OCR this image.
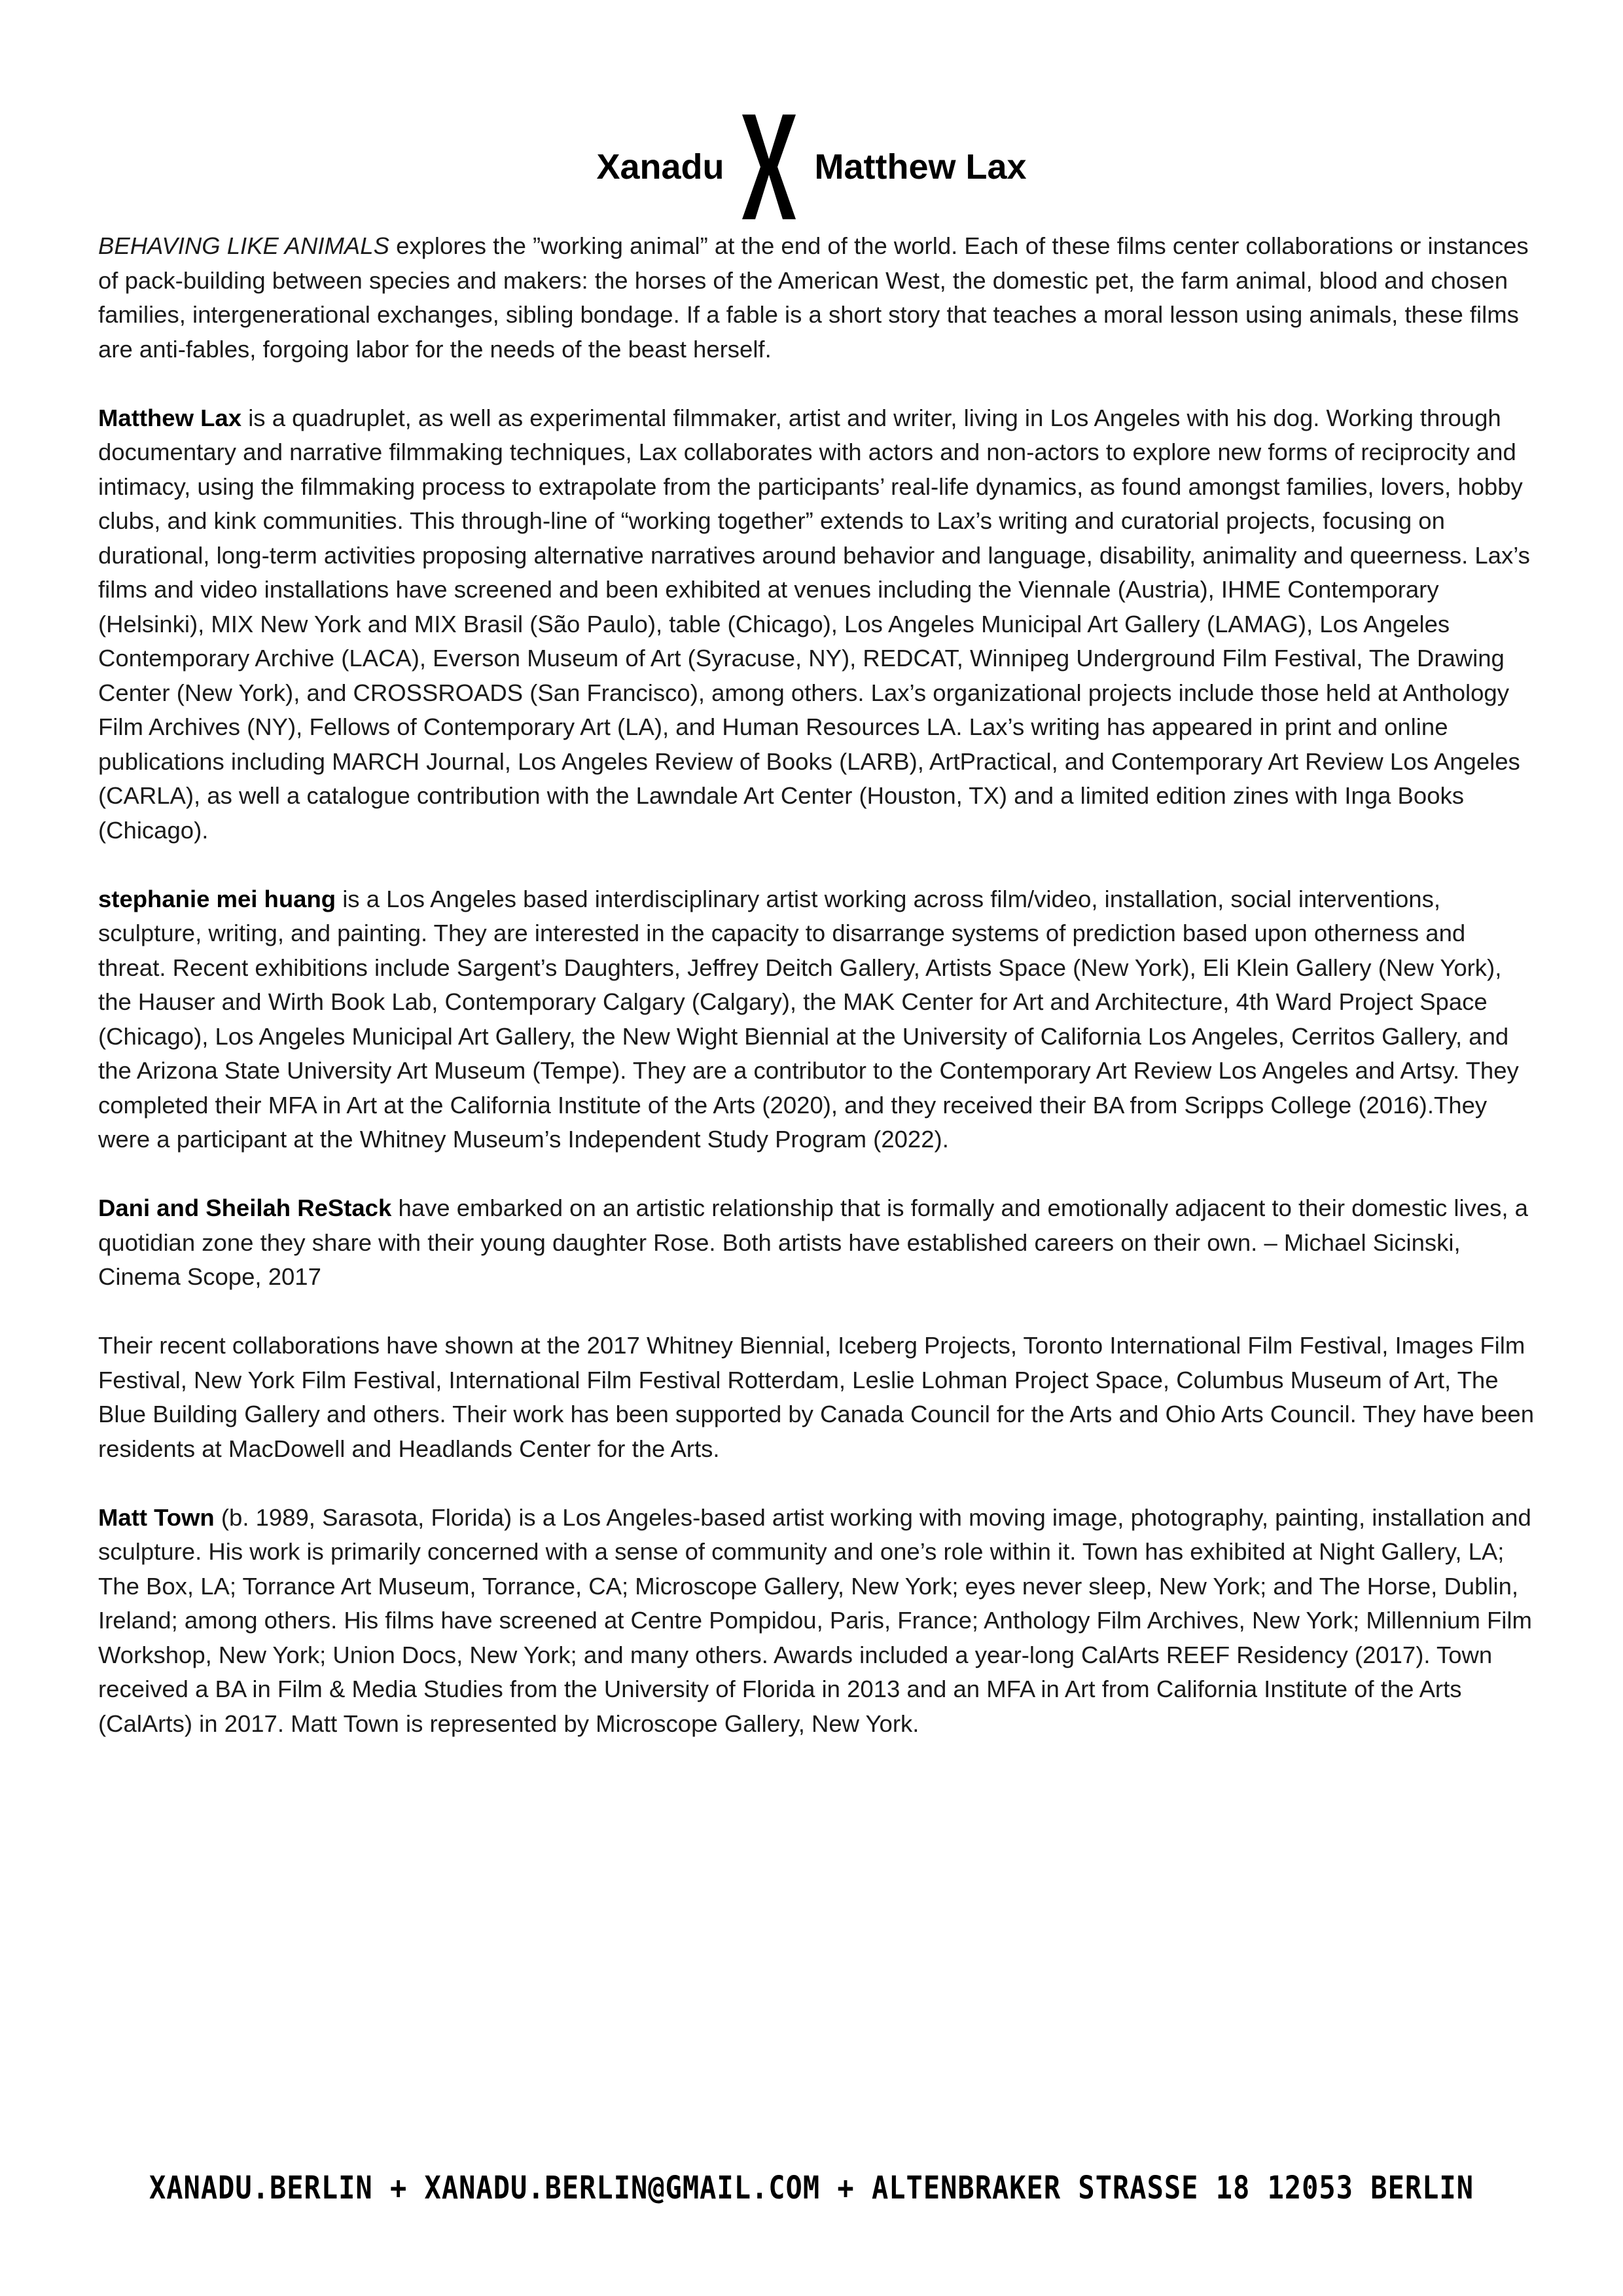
Xanadu	Matthew Lax

BEHAVING LIKE ANIMALS explores the ”working animal” at the end of the world. Each of these films center collaborations or instances of pack-building between species and makers: the horses of the American West, the domestic pet, the farm animal, blood and chosen families, intergenerational exchanges, sibling bondage. If a fable is a short story that teaches a moral lesson using animals, these films are anti-fables, forgoing labor for the needs of the beast herself.

Matthew Lax is a quadruplet, as well as experimental filmmaker, artist and writer, living in Los Angeles with his dog. Working through documentary and narrative filmmaking techniques, Lax collaborates with actors and non-actors to explore new forms of reciprocity and intimacy, using the filmmaking process to extrapolate from the participants’ real-life dynamics, as found amongst families, lovers, hobby clubs, and kink communities. This through-line of “working together” extends to Lax’s writing and curatorial projects, focusing on durational, long-term activities proposing alternative narratives around behavior and language, disability, animality and queerness. Lax’s films and video installations have screened and been exhibited at venues including the Viennale (Austria), IHME Contemporary (Helsinki), MIX New York and MIX Brasil (São Paulo), table (Chicago), Los Angeles Municipal Art Gallery (LAMAG), Los Angeles Contemporary Archive (LACA), Everson Museum of Art (Syracuse, NY), REDCAT, Winnipeg Underground Film Festival, The Drawing Center (New York), and CROSSROADS (San Francisco), among others. Lax’s organizational projects include those held at Anthology Film Archives (NY), Fellows of Contemporary Art (LA), and Human Resources LA. Lax’s writing has appeared in print and online publications including MARCH Journal, Los Angeles Review of Books (LARB), ArtPractical, and Contemporary Art Review Los Angeles (CARLA), as well a catalogue contribution with the Lawndale Art Center (Houston, TX) and a limited edition zines with Inga Books (Chicago).

stephanie mei huang is a Los Angeles based interdisciplinary artist working across film/video, installation, social interventions, sculpture, writing, and painting. They are interested in the capacity to disarrange systems of prediction based upon otherness and threat. Recent exhibitions include Sargent’s Daughters, Jeffrey Deitch Gallery, Artists Space (New York), Eli Klein Gallery (New York), the Hauser and Wirth Book Lab, Contemporary Calgary (Calgary), the MAK Center for Art and Architecture, 4th Ward Project Space (Chicago), Los Angeles Municipal Art Gallery, the New Wight Biennial at the University of California Los Angeles, Cerritos Gallery, and the Arizona State University Art Museum (Tempe). They are a contributor to the Contemporary Art Review Los Angeles and Artsy. They completed their MFA in Art at the California Institute of the Arts (2020), and they received their BA from Scripps College (2016).They were a participant at the Whitney Museum’s Independent Study Program (2022).

Dani and Sheilah ReStack have embarked on an artistic relationship that is formally and emotionally adjacent to their domestic lives, a quotidian zone they share with their young daughter Rose. Both artists have established careers on their own. – Michael Sicinski, Cinema Scope, 2017

Their recent collaborations have shown at the 2017 Whitney Biennial, Iceberg Projects, Toronto International Film Festival, Images Film Festival, New York Film Festival, International Film Festival Rotterdam, Leslie Lohman Project Space, Columbus Museum of Art, The Blue Building Gallery and others. Their work has been supported by Canada Council for the Arts and Ohio Arts Council. They have been residents at MacDowell and Headlands Center for the Arts.

Matt Town (b. 1989, Sarasota, Florida) is a Los Angeles-based artist working with moving image, photography, painting, installation and sculpture. His work is primarily concerned with a sense of community and one’s role within it. Town has exhibited at Night Gallery, LA; The Box, LA; Torrance Art Museum, Torrance, CA; Microscope Gallery, New York; eyes never sleep, New York; and The Horse, Dublin, Ireland; among others. His films have screened at Centre Pompidou, Paris, France; Anthology Film Archives, New York; Millennium Film Workshop, New York; Union Docs, New York; and many others. Awards included a year-long CalArts REEF Residency (2017). Town received a BA in Film & Media Studies from the University of Florida in 2013 and an MFA in Art from California Institute of the Arts (CalArts) in 2017. Matt Town is represented by Microscope Gallery, New York.

XANADU.BERLIN + XANADU.BERLIN@GMAIL.COM + ALTENBRAKER STRASSE 18 12053 BERLIN
